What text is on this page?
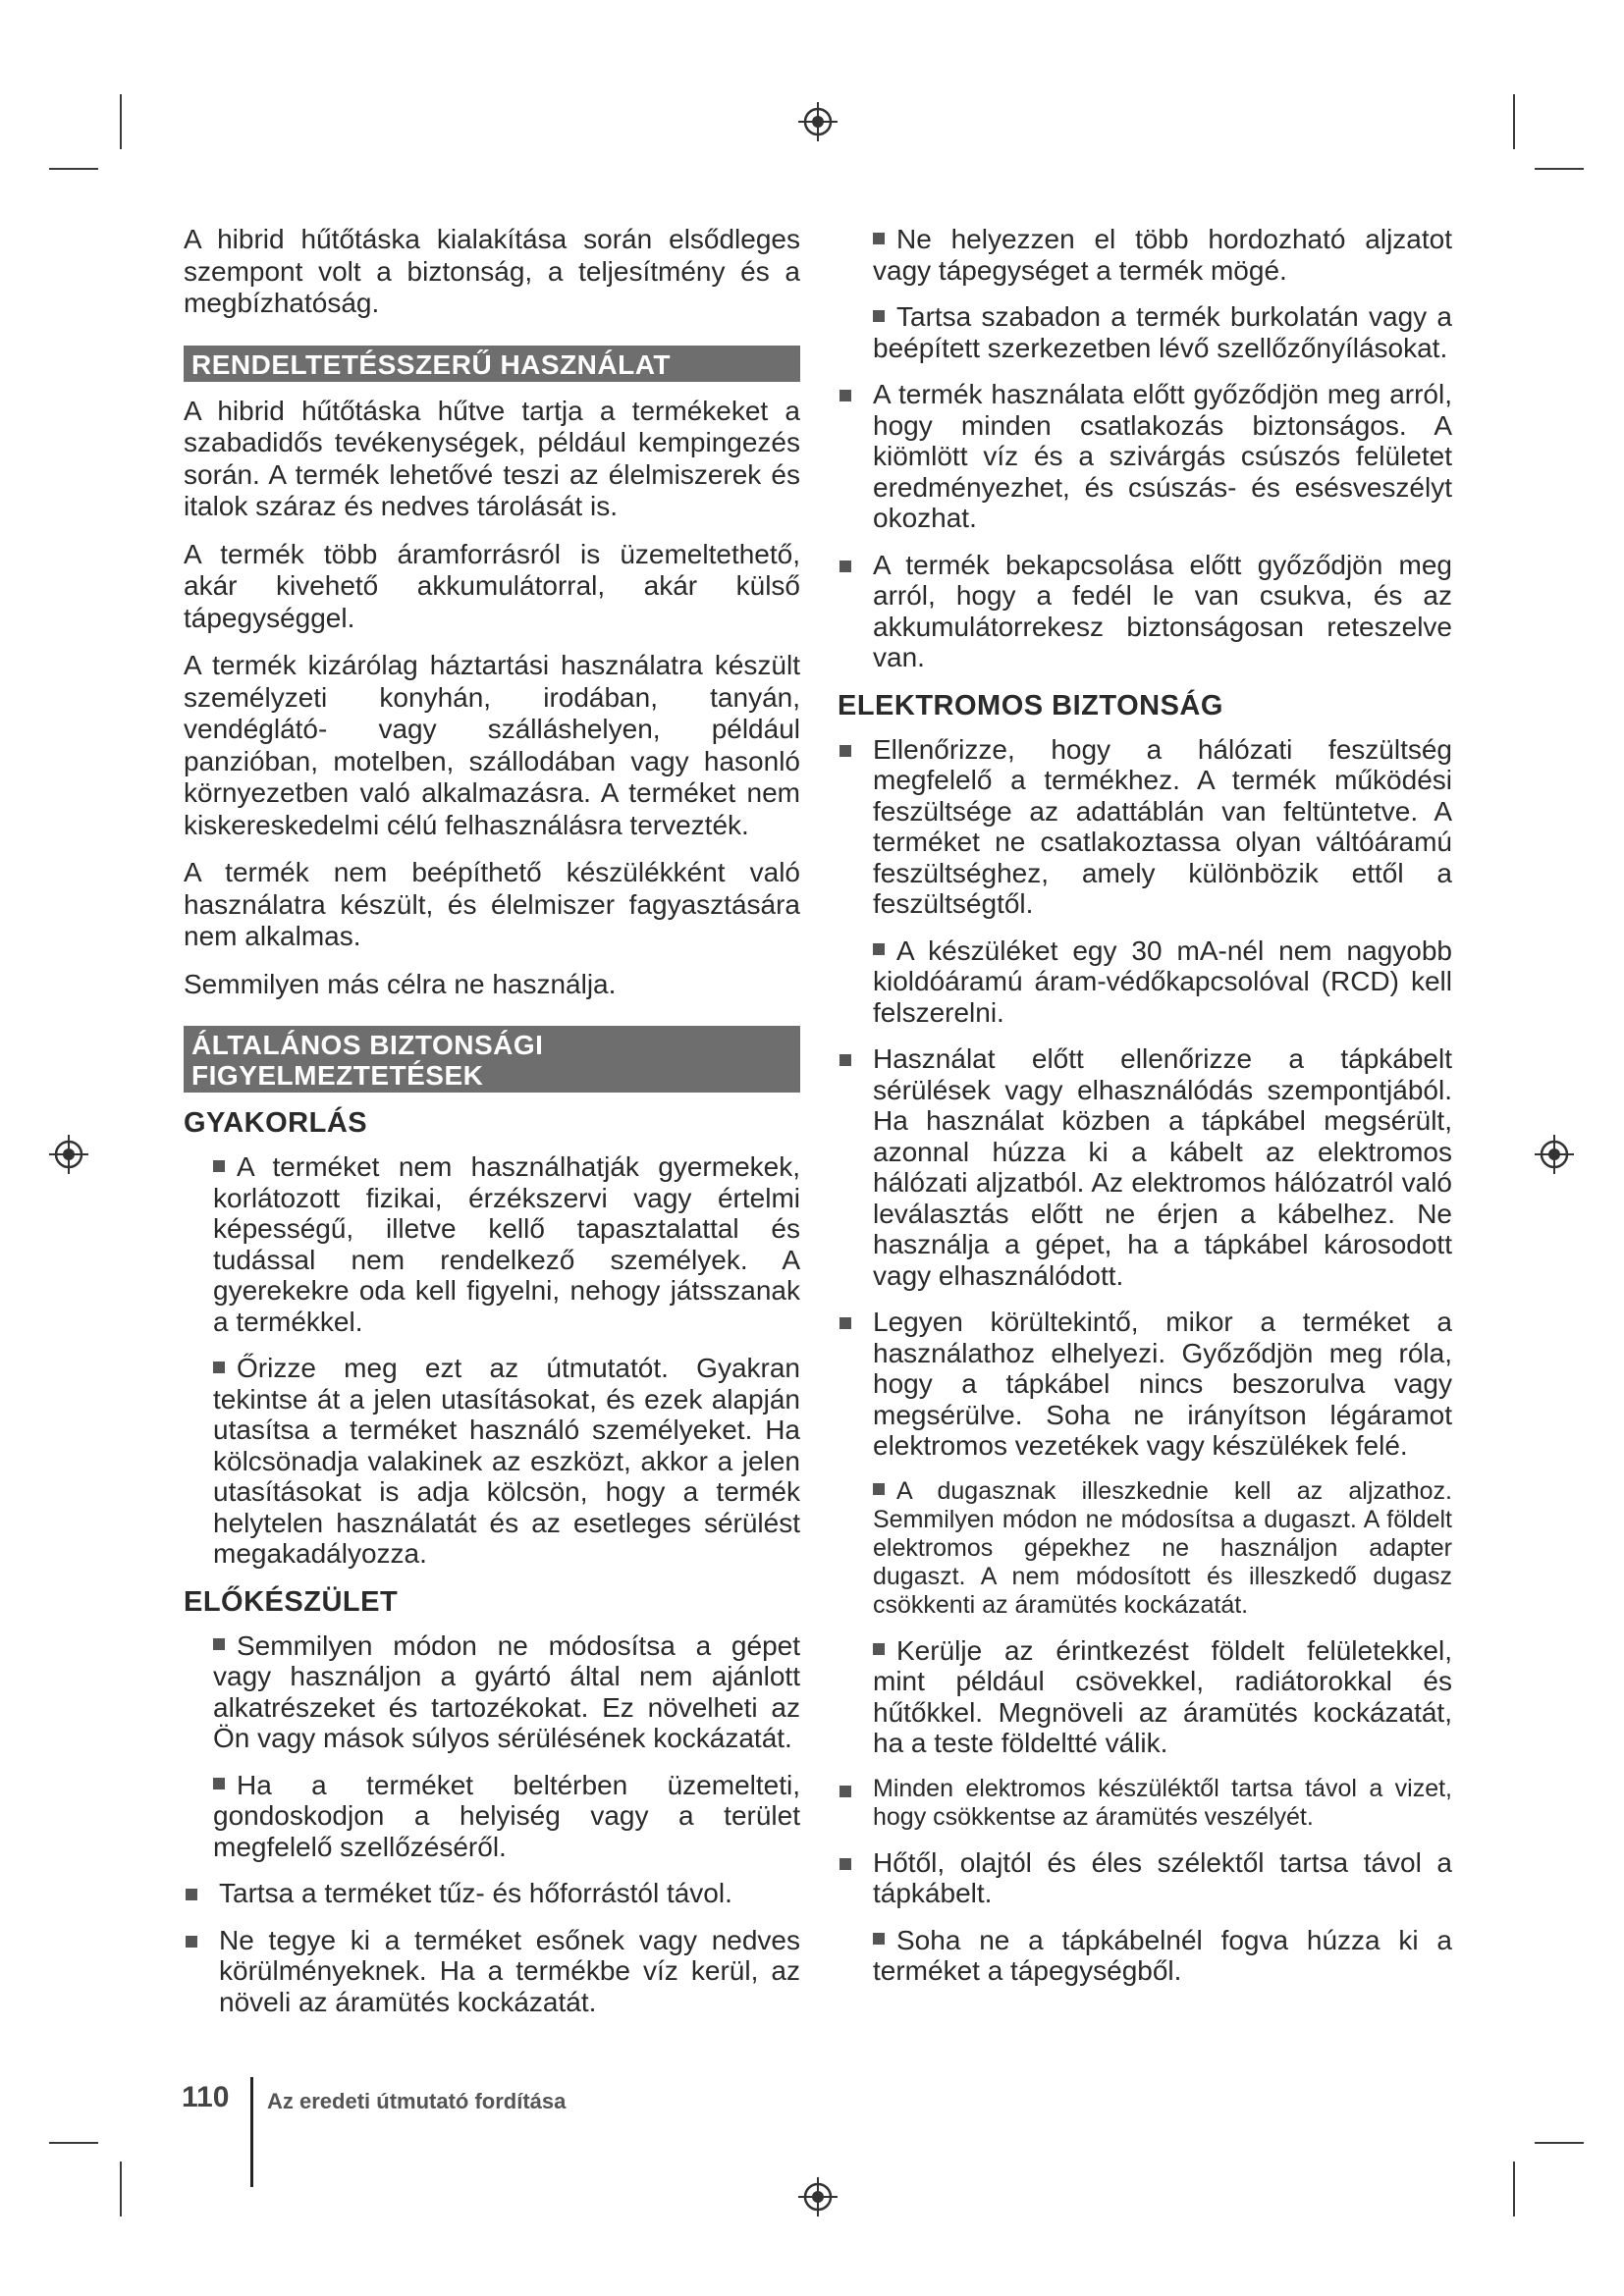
A hibrid hűtőtáska kialakítása során elsődleges szempont volt a biztonság, a teljesítmény és a megbízhatóság.

RENDELTETÉSSZERŰ HASZNÁLAT

A hibrid hűtőtáska hűtve tartja a termékeket a szabadidős tevékenységek, például kempingezés során. A termék lehetővé teszi az élelmiszerek és italok száraz és nedves tárolását is.

A termék több áramforrásról is üzemeltethető, akár kivehető akkumulátorral, akár külső tápegységgel.

A termék kizárólag háztartási használatra készült személyzeti konyhán, irodában, tanyán, vendéglátó- vagy szálláshelyen, például panzióban, motelben, szállodában vagy hasonló környezetben való alkalmazásra. A terméket nem kiskereskedelmi célú felhasználásra tervezték.

A termék nem beépíthető készülékként való használatra készült, és élelmiszer fagyasztására nem alkalmas.

Semmilyen más célra ne használja.

ÁLTALÁNOS BIZTONSÁGI
FIGYELMEZTETÉSEK
GYAKORLÁS
A terméket nem használhatják gyermekek, korlátozott fizikai, érzékszervi vagy értelmi képességű, illetve kellő tapasztalattal és tudással nem rendelkező személyek. A gyerekekre oda kell figyelni, nehogy játsszanak a termékkel.
Őrizze meg ezt az útmutatót. Gyakran tekintse át a jelen utasításokat, és ezek alapján utasítsa a terméket használó személyeket. Ha kölcsönadja valakinek az eszközt, akkor a jelen utasításokat is adja kölcsön, hogy a termék helytelen használatát és az esetleges sérülést megakadályozza.
ELŐKÉSZÜLET
Semmilyen módon ne módosítsa a gépet vagy használjon a gyártó által nem ajánlott alkatrészeket és tartozékokat. Ez növelheti az Ön vagy mások súlyos sérülésének kockázatát.
Ha a terméket beltérben üzemelteti, gondoskodjon a helyiség vagy a terület megfelelő szellőzéséről.
Tartsa a terméket tűz- és hőforrástól távol.
Ne tegye ki a terméket esőnek vagy nedves körülményeknek. Ha a termékbe víz kerül, az növeli az áramütés kockázatát.
Ne helyezzen el több hordozható aljzatot vagy tápegységet a termék mögé.
Tartsa szabadon a termék burkolatán vagy a beépített szerkezetben lévő szellőzőnyílásokat.
A termék használata előtt győződjön meg arról, hogy minden csatlakozás biztonságos. A kiömlött víz és a szivárgás csúszós felületet eredményezhet, és csúszás- és esésveszélyt okozhat.
A termék bekapcsolása előtt győződjön meg arról, hogy a fedél le van csukva, és az akkumulátorrekesz biztonságosan reteszelve van.
ELEKTROMOS BIZTONSÁG
Ellenőrizze, hogy a hálózati feszültség megfelelő a termékhez. A termék működési feszültsége az adattáblán van feltüntetve. A terméket ne csatlakoztassa olyan váltóáramú feszültséghez, amely különbözik ettől a feszültségtől.
A készüléket egy 30 mA-nél nem nagyobb kioldóáramú áram-védőkapcsolóval (RCD) kell felszerelni.
Használat előtt ellenőrizze a tápkábelt sérülések vagy elhasználódás szempontjából. Ha használat közben a tápkábel megsérült, azonnal húzza ki a kábelt az elektromos hálózati aljzatból. Az elektromos hálózatról való leválasztás előtt ne érjen a kábelhez. Ne használja a gépet, ha a tápkábel károsodott vagy elhasználódott.
Legyen körültekintő, mikor a terméket a használathoz elhelyezi. Győződjön meg róla, hogy a tápkábel nincs beszorulva vagy megsérülve. Soha ne irányítson légáramot elektromos vezetékek vagy készülékek felé.
A dugasznak illeszkednie kell az aljzathoz. Semmilyen módon ne módosítsa a dugaszt. A földelt elektromos gépekhez ne használjon adapter dugaszt. A nem módosított és illeszkedő dugasz csökkenti az áramütés kockázatát.
Kerülje az érintkezést földelt felületekkel, mint például csövekkel, radiátorokkal és hűtőkkel. Megnöveli az áramütés kockázatát, ha a teste földeltté válik.
Minden elektromos készüléktől tartsa távol a vizet, hogy csökkentse az áramütés veszélyét.
Hőtől, olajtól és éles szélektől tartsa távol a tápkábelt.
Soha ne a tápkábelnél fogva húzza ki a terméket a tápegységből.
110 Az eredeti útmutató fordítása
